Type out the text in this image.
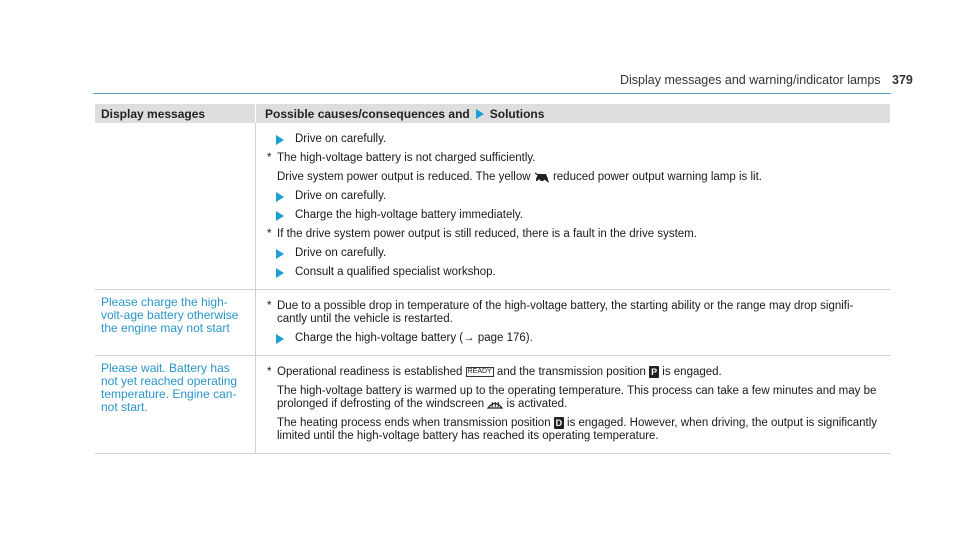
Display messages and warning/indicator lamps 379
Display messages	Possible causes/consequences and Solutions
Drive on carefully.
* The high-voltage battery is not charged sufficiently.
Drive system power output is reduced. The yellow reduced power output warning lamp is lit.
Drive on carefully.
Charge the high-voltage battery immediately.
* If the drive system power output is still reduced, there is a fault in the drive system.
Drive on carefully.
Consult a qualified specialist workshop.
Please charge the high-volt-age battery otherwise the engine may not start
* Due to a possible drop in temperature of the high-voltage battery, the starting ability or the range may drop signifi-cantly until the vehicle is restarted.
Charge the high-voltage battery (→ page 176).
Please wait. Battery has not yet reached operating temperature. Engine can-not start.
* Operational readiness is established READY and the transmission position P is engaged.
The high-voltage battery is warmed up to the operating temperature. This process can take a few minutes and may be prolonged if defrosting of the windscreen is activated.
The heating process ends when transmission position D is engaged. However, when driving, the output is significantly limited until the high-voltage battery has reached its operating temperature.
